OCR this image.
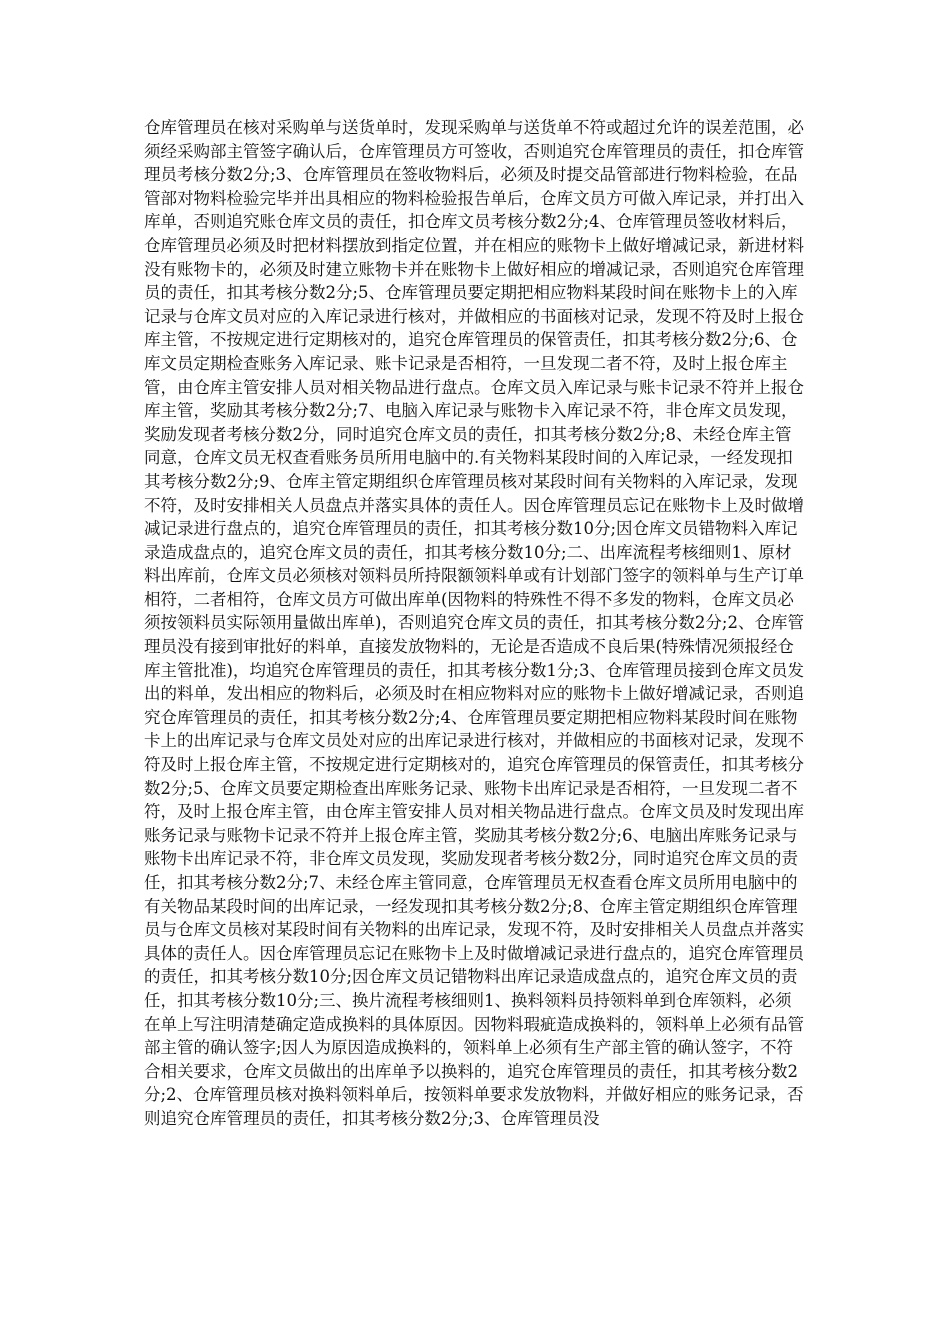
仓库管理员在核对采购单与送货单时，发现采购单与送货单不符或超过允许的误差范围，必须经采购部主管签字确认后，仓库管理员方可签收，否则追究仓库管理员的责任，扣仓库管理员考核分数2分;3、仓库管理员在签收物料后，必须及时提交品管部进行物料检验，在品管部对物料检验完毕并出具相应的物料检验报告单后，仓库文员方可做入库记录，并打出入库单，否则追究账仓库文员的责任，扣仓库文员考核分数2分;4、仓库管理员签收材料后，仓库管理员必须及时把材料摆放到指定位置，并在相应的账物卡上做好增减记录，新进材料没有账物卡的，必须及时建立账物卡并在账物卡上做好相应的增减记录，否则追究仓库管理员的责任，扣其考核分数2分;5、仓库管理员要定期把相应物料某段时间在账物卡上的入库记录与仓库文员对应的入库记录进行核对，并做相应的书面核对记录，发现不符及时上报仓库主管，不按规定进行定期核对的，追究仓库管理员的保管责任，扣其考核分数2分;6、仓库文员定期检查账务入库记录、账卡记录是否相符，一旦发现二者不符，及时上报仓库主管，由仓库主管安排人员对相关物品进行盘点。仓库文员入库记录与账卡记录不符并上报仓库主管，奖励其考核分数2分;7、电脑入库记录与账物卡入库记录不符，非仓库文员发现，奖励发现者考核分数2分，同时追究仓库文员的责任，扣其考核分数2分;8、未经仓库主管同意，仓库文员无权查看账务员所用电脑中的.有关物料某段时间的入库记录，一经发现扣其考核分数2分;9、仓库主管定期组织仓库管理员核对某段时间有关物料的入库记录，发现不符，及时安排相关人员盘点并落实具体的责任人。因仓库管理员忘记在账物卡上及时做增减记录进行盘点的，追究仓库管理员的责任，扣其考核分数10分;因仓库文员错物料入库记录造成盘点的，追究仓库文员的责任，扣其考核分数10分;二、出库流程考核细则1、原材料出库前，仓库文员必须核对领料员所持限额领料单或有计划部门签字的领料单与生产订单相符，二者相符，仓库文员方可做出库单(因物料的特殊性不得不多发的物料，仓库文员必须按领料员实际领用量做出库单)，否则追究仓库文员的责任，扣其考核分数2分;2、仓库管理员没有接到审批好的料单，直接发放物料的，无论是否造成不良后果(特殊情况须报经仓库主管批准)，均追究仓库管理员的责任，扣其考核分数1分;3、仓库管理员接到仓库文员发出的料单，发出相应的物料后，必须及时在相应物料对应的账物卡上做好增减记录，否则追究仓库管理员的责任，扣其考核分数2分;4、仓库管理员要定期把相应物料某段时间在账物卡上的出库记录与仓库文员处对应的出库记录进行核对，并做相应的书面核对记录，发现不符及时上报仓库主管，不按规定进行定期核对的，追究仓库管理员的保管责任，扣其考核分数2分;5、仓库文员要定期检查出库账务记录、账物卡出库记录是否相符，一旦发现二者不符，及时上报仓库主管，由仓库主管安排人员对相关物品进行盘点。仓库文员及时发现出库账务记录与账物卡记录不符并上报仓库主管，奖励其考核分数2分;6、电脑出库账务记录与账物卡出库记录不符，非仓库文员发现，奖励发现者考核分数2分，同时追究仓库文员的责任，扣其考核分数2分;7、未经仓库主管同意，仓库管理员无权查看仓库文员所用电脑中的有关物品某段时间的出库记录，一经发现扣其考核分数2分;8、仓库主管定期组织仓库管理员与仓库文员核对某段时间有关物料的出库记录，发现不符，及时安排相关人员盘点并落实具体的责任人。因仓库管理员忘记在账物卡上及时做增减记录进行盘点的，追究仓库管理员的责任，扣其考核分数10分;因仓库文员记错物料出库记录造成盘点的，追究仓库文员的责任，扣其考核分数10分;三、换片流程考核细则1、换料领料员持领料单到仓库领料，必须在单上写注明清楚确定造成换料的具体原因。因物料瑕疵造成换料的，领料单上必须有品管部主管的确认签字;因人为原因造成换料的，领料单上必须有生产部主管的确认签字，不符合相关要求，仓库文员做出的出库单予以换料的，追究仓库管理员的责任，扣其考核分数2分;2、仓库管理员核对换料领料单后，按领料单要求发放物料，并做好相应的账务记录，否则追究仓库管理员的责任，扣其考核分数2分;3、仓库管理员没
